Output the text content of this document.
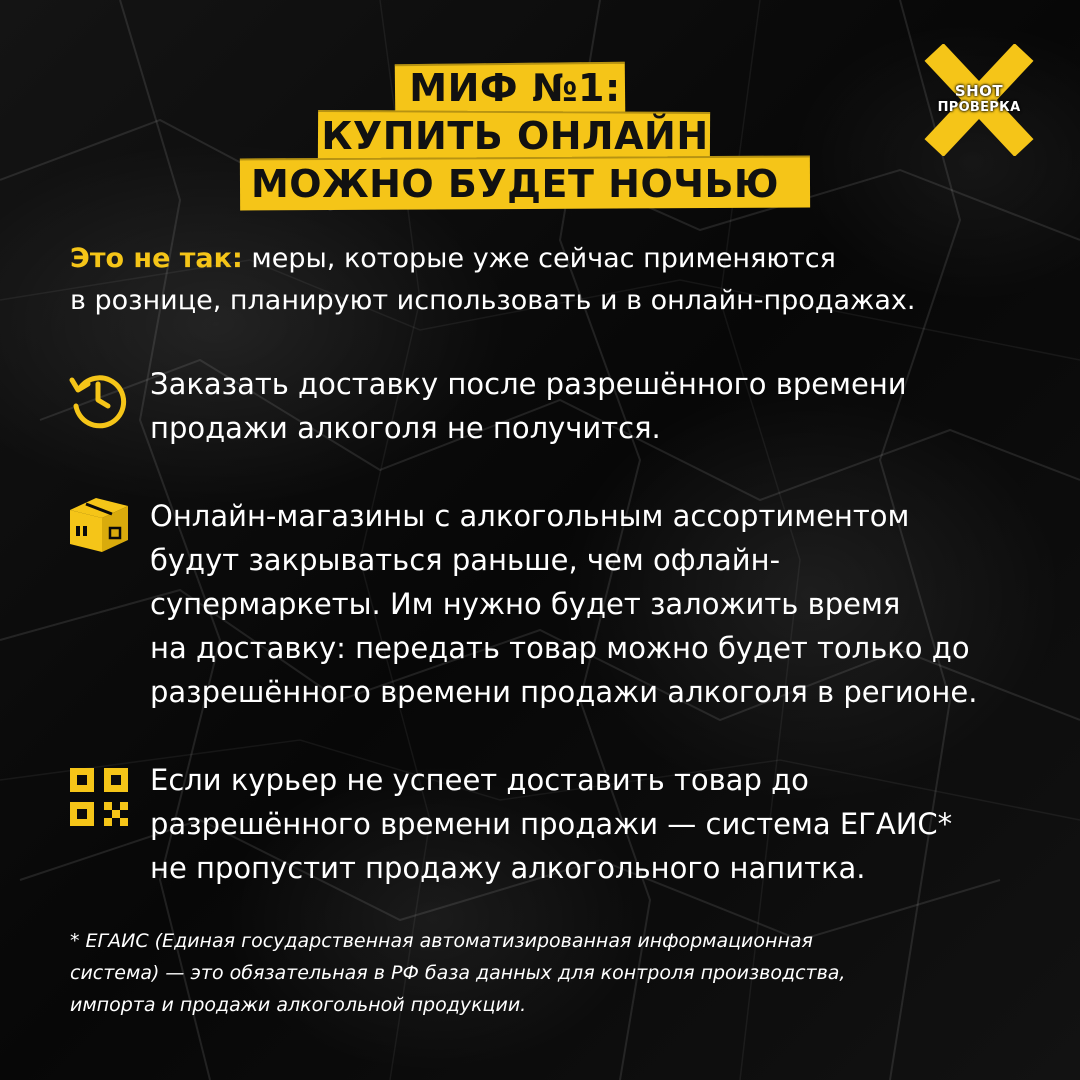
МИФ №1:
КУПИТЬ ОНЛАЙН
МОЖНО БУДЕТ НОЧЬЮ
SHOT
ПРОВЕРКА
Это не так: меры, которые уже сейчас применяются
в рознице, планируют использовать и в онлайн-продажах.
Заказать доставку после разрешённого времени
продажи алкоголя не получится.
Онлайн-магазины с алкогольным ассортиментом
будут закрываться раньше, чем офлайн-
супермаркеты. Им нужно будет заложить время
на доставку: передать товар можно будет только до
разрешённого времени продажи алкоголя в регионе.
Если курьер не успеет доставить товар до
разрешённого времени продажи — система ЕГАИС*
не пропустит продажу алкогольного напитка.
* ЕГАИС (Единая государственная автоматизированная информационная
система) — это обязательная в РФ база данных для контроля производства,
импорта и продажи алкогольной продукции.
